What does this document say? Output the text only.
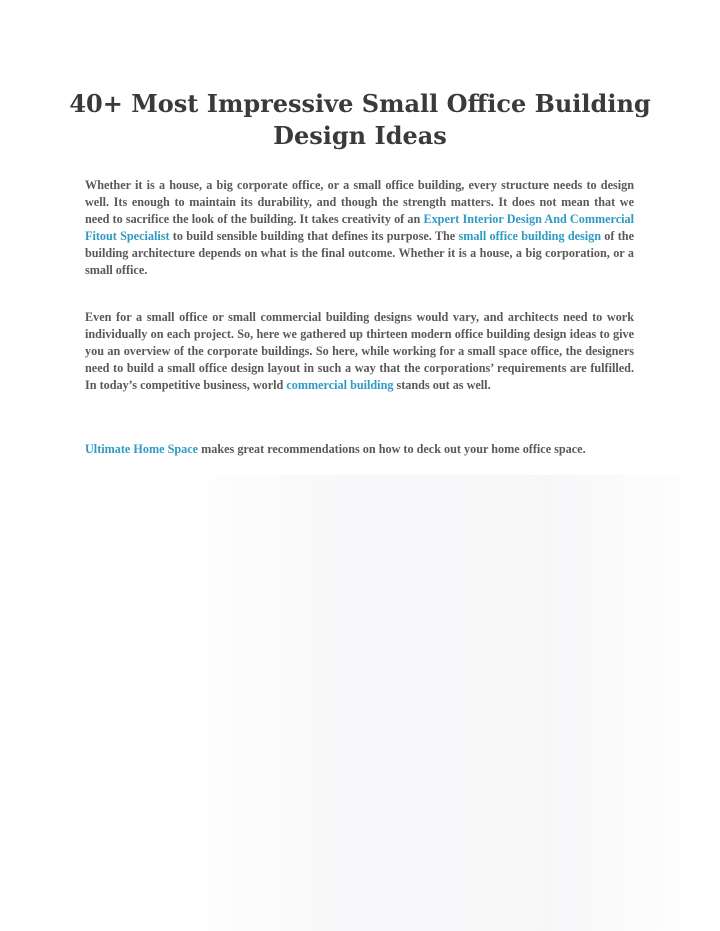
40+ Most Impressive Small Office Building Design Ideas

Whether it is a house, a big corporate office, or a small office building, every structure needs to design well. Its enough to maintain its durability, and though the strength matters. It does not mean that we need to sacrifice the look of the building. It takes creativity of an Expert Interior Design And Commercial Fitout Specialist to build sensible building that defines its purpose. The small office building design of the building architecture depends on what is the final outcome. Whether it is a house, a big corporation, or a small office.

Even for a small office or small commercial building designs would vary, and architects need to work individually on each project. So, here we gathered up thirteen modern office building design ideas to give you an overview of the corporate buildings. So here, while working for a small space office, the designers need to build a small office design layout in such a way that the corporations’ requirements are fulfilled. In today’s competitive business, world commercial building stands out as well.

Ultimate Home Space makes great recommendations on how to deck out your home office space.
